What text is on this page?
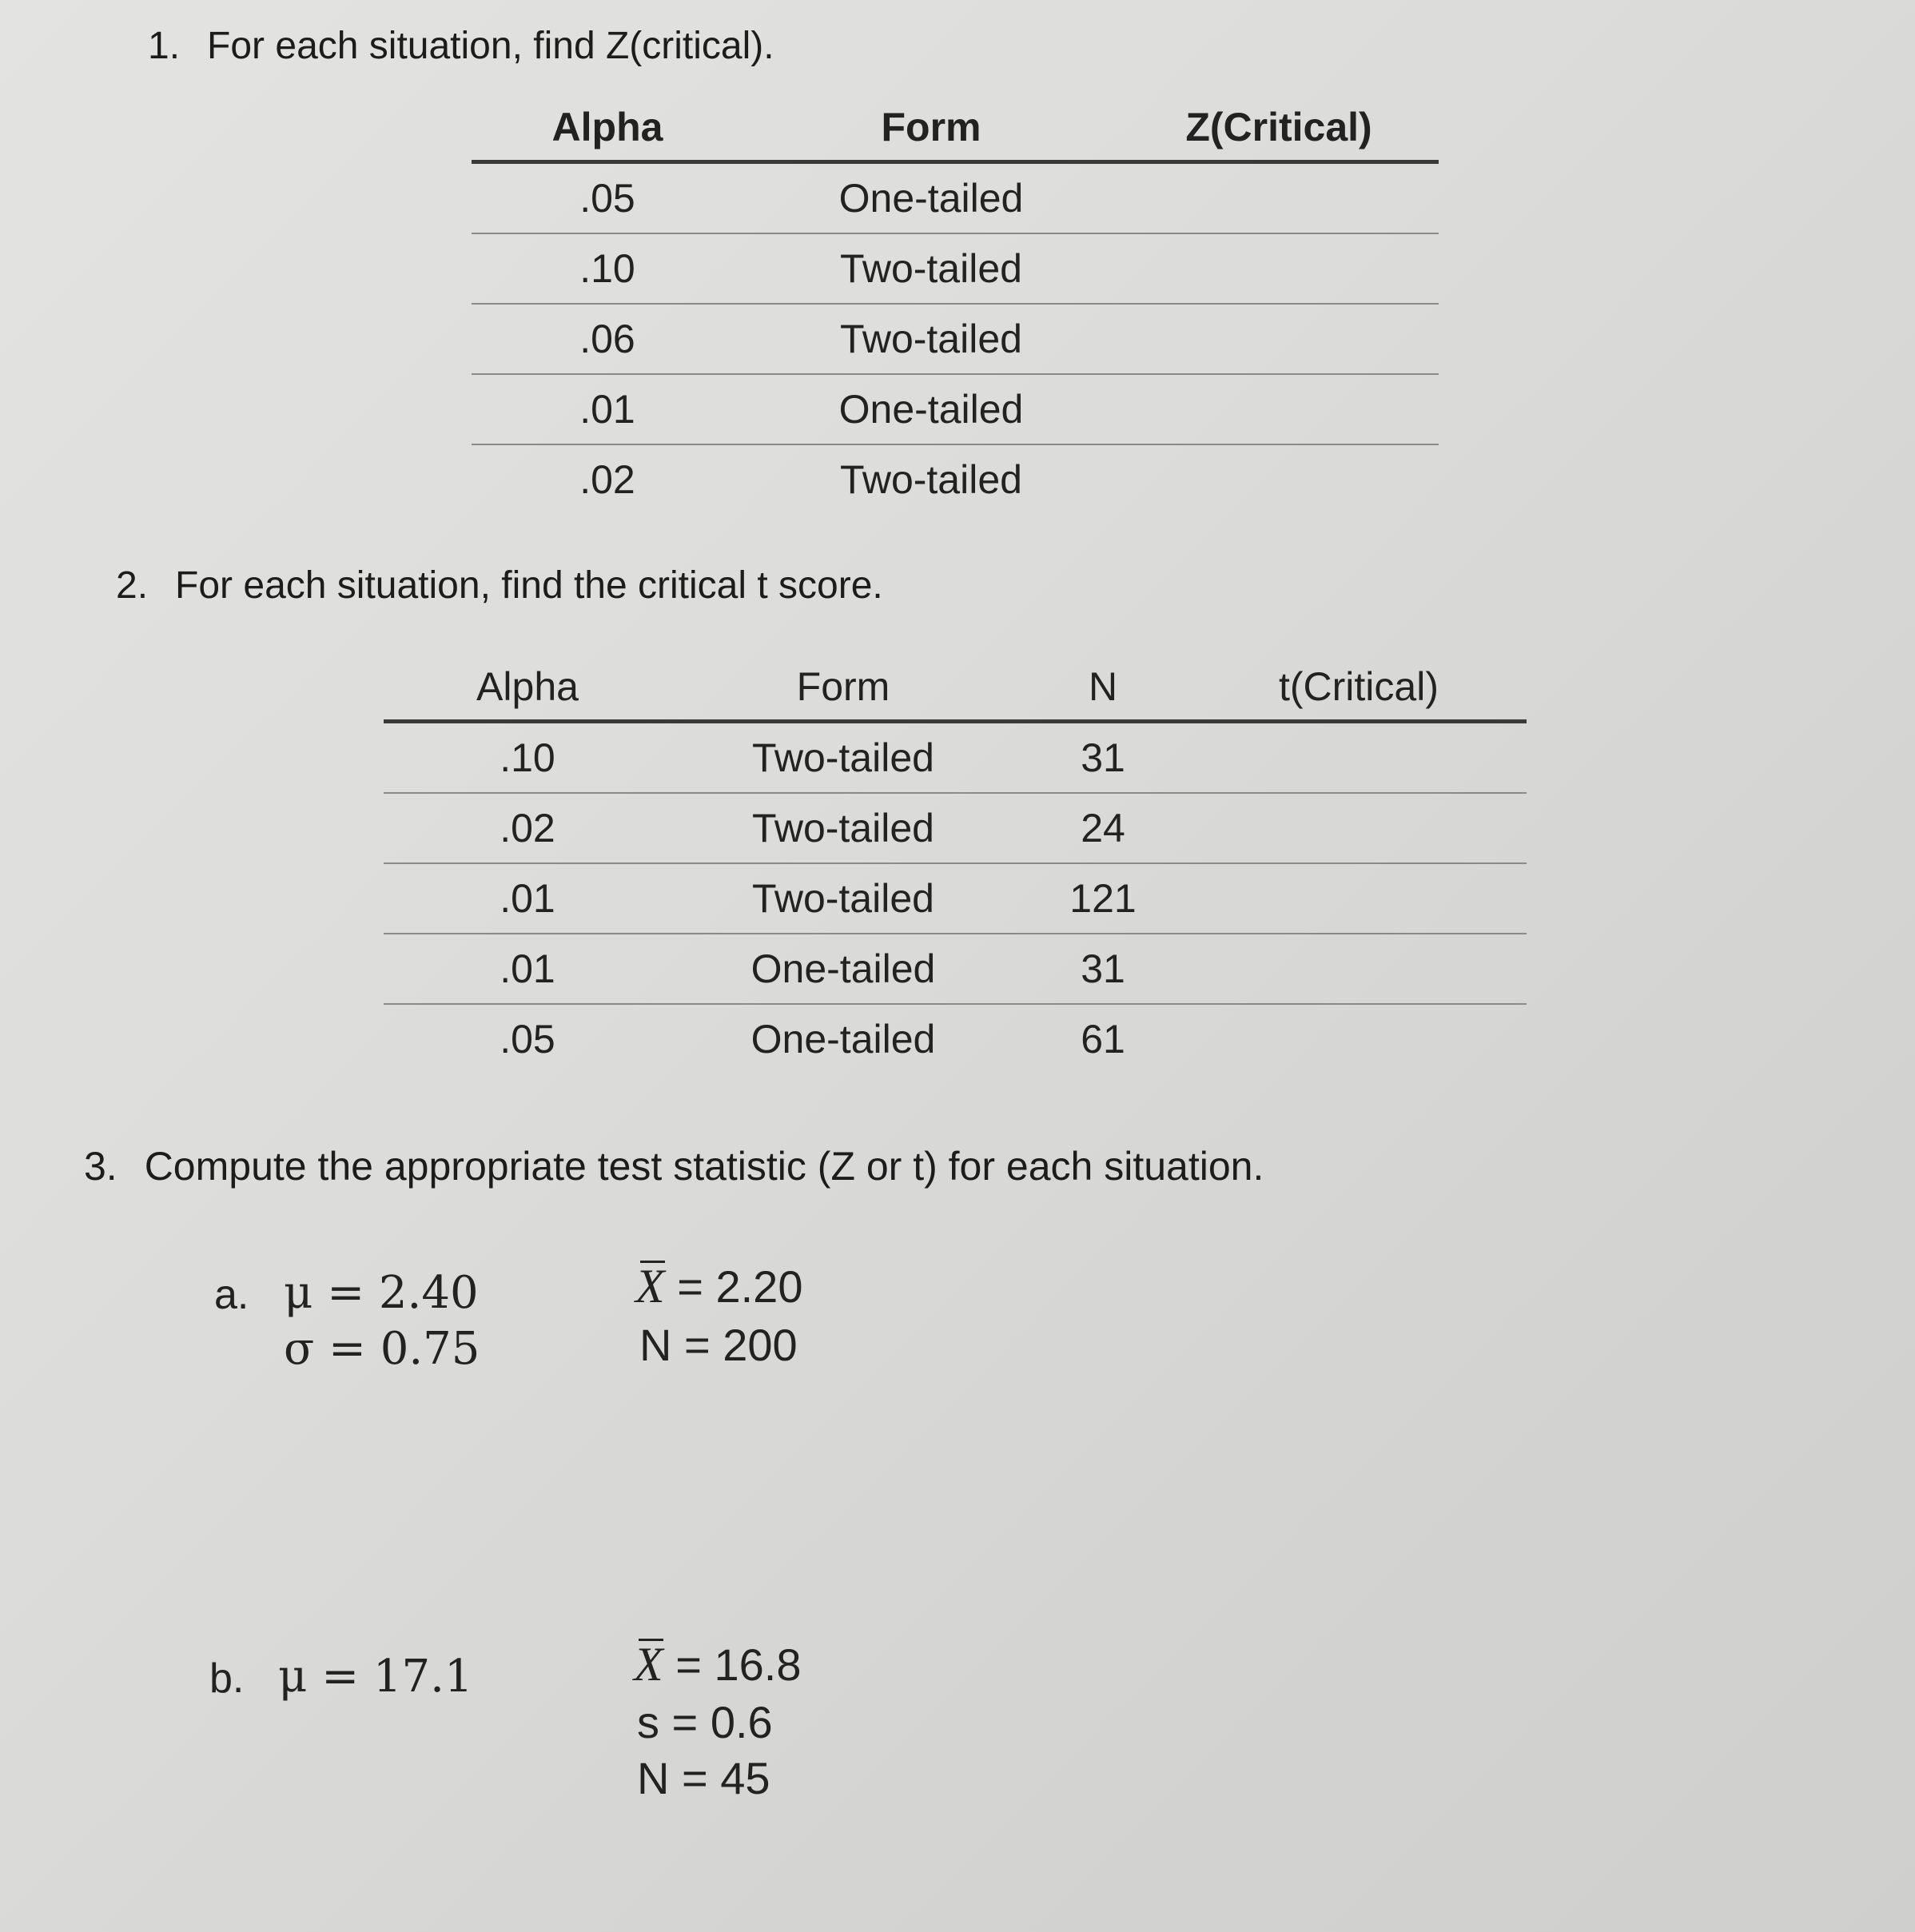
1. For each situation, find Z(critical).
Alpha	Form	Z(Critical)
.05	One-tailed	
.10	Two-tailed	
.06	Two-tailed	
.01	One-tailed	
.02	Two-tailed	
2. For each situation, find the critical t score.
Alpha	Form	N	t(Critical)
.10	Two-tailed	31	
.02	Two-tailed	24	
.01	Two-tailed	121	
.01	One-tailed	31	
.05	One-tailed	61	
3. Compute the appropriate test statistic (Z or t) for each situation.
a. μ = 2.40
σ = 0.75
X = 2.20
N = 200
b. μ = 17.1	X = 16.8
s = 0.6
N = 45
